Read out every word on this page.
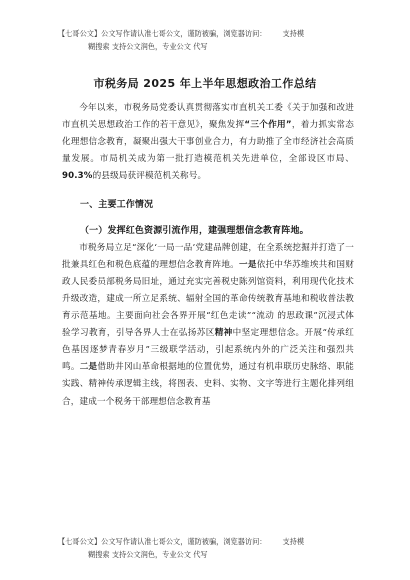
【七哥公文】公文写作请认准七哥公文，谨防被骗，浏览器访问： 支持模
糊搜索 支持公文润色，专业公文 代写
市税务局 2025 年上半年思想政治工作总结

今年以来，市税务局党委认真贯彻落实市直机关工委《关于加强和改进市直机关思想政治工作的若干意见》，聚焦发挥“三个作用”，着力抓实常态化理想信念教育，凝聚出强大干事创业合力，有力助推了全市经济社会高质量发展。市局机关成为第一批打造模范机关先进单位，全部设区市局、90.3%的县级局获评模范机关称号。

一、主要工作情况

（一）发挥红色资源引流作用，建强理想信念教育阵地。

市税务局立足“深化‘一局一品’党建品牌创建，在全系统挖掘并打造了一批兼具红色和税色底蕴的理想信念教育阵地。一是依托中华苏维埃共和国财政人民委员部税务局旧址，通过充实完善税史陈列馆资料，利用现代化技术升级改造，建成一所立足系统、辐射全国的革命传统教育基地和税收普法教育示范基地。主要面向社会各界开展“红色走读”“流动 的思政课”沉浸式体验学习教育，引导各界人士在弘扬苏区精神中坚定理想信念。开展“传承红色基因逐梦青春岁月”三级联学活动，引起系统内外的广泛关注和强烈共鸣。二是借助井冈山革命根据地的位置优势，通过有机串联历史脉络、职能实践、精神传承逻辑主线，将图表、史料、实物、文字等进行主题化排列组合，建成一个税务干部理想信念教育基

【七哥公文】公文写作请认准七哥公文，谨防被骗，浏览器访问： 支持模
糊搜索 支持公文润色，专业公文 代写
